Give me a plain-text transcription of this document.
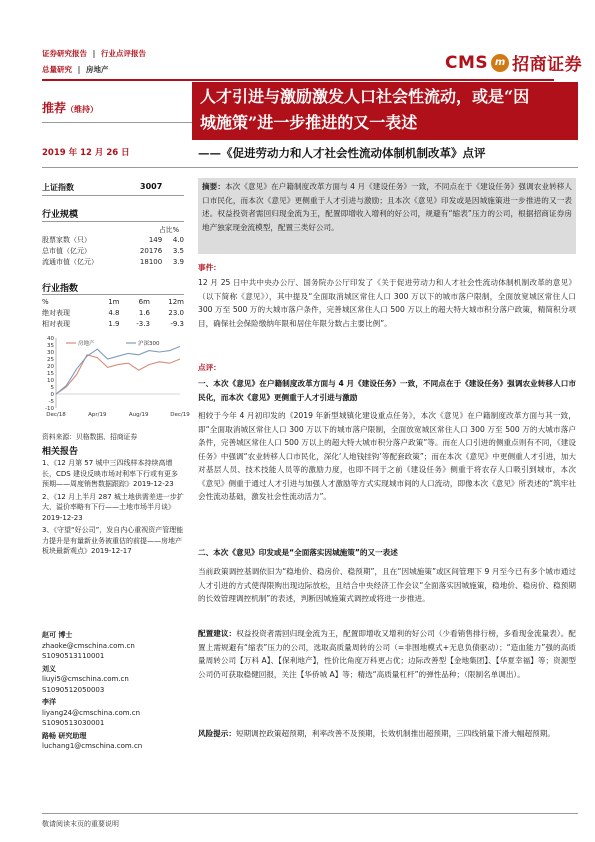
证券研究报告 | 行业点评报告
总量研究 | 房地产	CMS m 招商证券
推荐（维持）
人才引进与激励激发人口社会性流动，或是“因
城施策”进一步推进的又一表述
2019 年 12 月 26 日	——《促进劳动力和人才社会性流动体制机制改革》点评
上证指数	3007
行业规模
占比%
股票家数（只）	149	4.0
总市值（亿元）	20176	3.5
流通市值（亿元）	18100	3.9
行业指数
%	1m	6m	12m
绝对表现	4.8	1.6	23.0
相对表现	1.9	-3.3	-9.3
40
35
30
25
20
15
10
5
0
-5
-10
Dec/18	Apr/19	Aug/19	Dec/19
房地产	沪深300
资料来源：贝格数据、招商证券
相关报告
1、《12 月第 57 城中三四线样本持续高增长，CDS 建设反映市场对利率下行或有更多预期——周度销售数据跟踪》2019-12-23
2、《12 月上半月 287 城土地供需差进一步扩大，溢价率略有下行——土地市场半月谈》2019-12-23
3、《守望“好公司”，发自内心重视资产管理能力提升是有量新业务被重估的前提——房地产板块最新观点》2019-12-17
赵可 博士
zhaoke@cmschina.com.cn
S1090513110001
刘义
liuyi5@cmschina.com.cn
S1090512050003
李洋
liyang24@cmschina.com.cn
S1090513030001
路畅 研究助理
luchang1@cmschina.com.cn
摘要：本次《意见》在户籍制度改革方面与 4 月《建设任务》一致，不同点在于《建设任务》强调农业转移人口市民化，而本次《意见》更侧重于人才引进与激励；且本次《意见》印发或是因城施策进一步推进的又一表述。权益投资者需回归现金流为王，配置即增收入增利的好公司，规避有“缩表”压力的公司，根据招商证券房地产独家现金流模型，配置三类好公司。
事件：
12 月 25 日中共中央办公厅、国务院办公厅印发了《关于促进劳动力和人才社会性流动体制机制改革的意见》（以下简称《意见》），其中提及“全面取消城区常住人口 300 万以下的城市落户限制，全面放宽城区常住人口 300 万至 500 万的大城市落户条件，完善城区常住人口 500 万以上的超大特大城市积分落户政策，精简积分项目，确保社会保险缴纳年限和居住年限分数占主要比例”。
点评：
一、本次《意见》在户籍制度改革方面与 4 月《建设任务》一致，不同点在于《建设任务》强调农业转移人口市民化，而本次《意见》更侧重于人才引进与激励
相较于今年 4 月初印发的《2019 年新型城镇化建设重点任务》，本次《意见》在户籍制度改革方面与其一致，即“全面取消城区常住人口 300 万以下的城市落户限制，全面放宽城区常住人口 300 万至 500 万的大城市落户条件，完善城区常住人口 500 万以上的超大特大城市积分落户政策”等。而在人口引进的侧重点则有不同，《建设任务》中强调“农业转移人口市民化，深化‘人地钱挂钩’等配套政策”；而在本次《意见》中更侧重人才引进，加大对基层人员、技术技能人员等的激励力度，也即不同于之前《建设任务》侧重于将农存人口吸引到城市，本次《意见》侧重于通过人才引进与加强人才激励等方式实现城市间的人口流动，即像本次《意见》所表述的“筑牢社会性流动基础，激发社会性流动活力”。
二、本次《意见》印发或是“全面落实因城施策”的又一表述
当前政策调控基调依旧为“稳地价、稳房价、稳预期”，且在“因城施策”或区间管理下 9 月至今已有多个城市通过人才引进的方式使得限购出现边际放松，且结合中央经济工作会议“全面落实因城施策，稳地价、稳房价、稳预期的长效管理调控机制”的表述，判断因城施策式调控或将进一步推进。
配置建议：权益投资者需回归现金流为王，配置即增收又增利的好公司（少看销售排行榜，多看现金流量表）。配置上需规避有“缩表”压力的公司，选取高质量周转的公司（=非围地模式+无息负债驱动）；“造血能力”强的高质量周转公司【万科 A】、【保利地产】，性价比角度万科更占优；边际改善型【金地集团】、【华夏幸福】等；资源型公司仍可获取稳健回报，关注【华侨城 A】等；精选“高质量杠杆”的弹性品种；（限制名单调出）。
风险提示：短期调控政策超预期，利率改善不及预期，长效机制推出超预期，三四线销量下滑大幅超预期。
敬请阅读末页的重要说明
